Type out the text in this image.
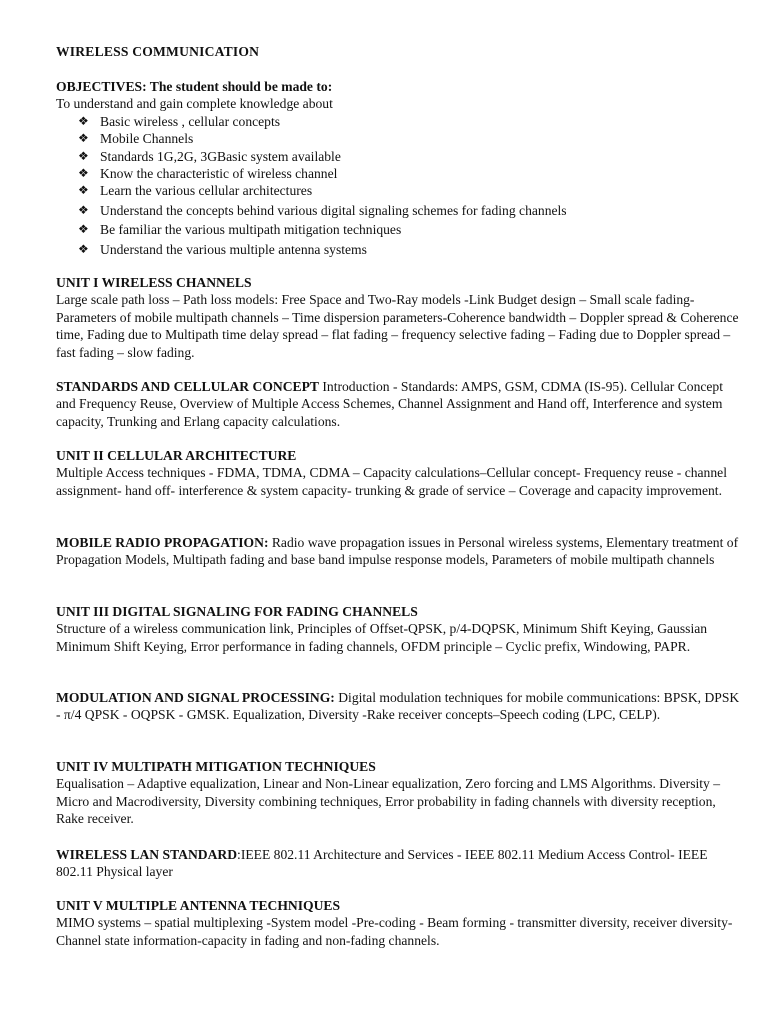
WIRELESS COMMUNICATION
OBJECTIVES: The student should be made to:
To understand and gain complete knowledge about
❖ Basic wireless , cellular concepts
❖ Mobile Channels
❖ Standards 1G,2G, 3GBasic system available
❖ Know the characteristic of wireless channel
❖ Learn the various cellular architectures
❖ Understand the concepts behind various digital signaling schemes for fading channels
❖ Be familiar the various multipath mitigation techniques
❖ Understand the various multiple antenna systems
UNIT I WIRELESS CHANNELS
Large scale path loss – Path loss models: Free Space and Two-Ray models -Link Budget design – Small scale fading- Parameters of mobile multipath channels – Time dispersion parameters-Coherence bandwidth – Doppler spread & Coherence time, Fading due to Multipath time delay spread – flat fading – frequency selective fading – Fading due to Doppler spread – fast fading – slow fading.
STANDARDS AND CELLULAR CONCEPT Introduction - Standards: AMPS, GSM, CDMA (IS-95). Cellular Concept and Frequency Reuse, Overview of Multiple Access Schemes, Channel Assignment and Hand off, Interference and system capacity, Trunking and Erlang capacity calculations.
UNIT II CELLULAR ARCHITECTURE
Multiple Access techniques - FDMA, TDMA, CDMA – Capacity calculations–Cellular concept- Frequency reuse - channel assignment- hand off- interference & system capacity- trunking & grade of service – Coverage and capacity improvement.
MOBILE RADIO PROPAGATION: Radio wave propagation issues in Personal wireless systems, Elementary treatment of Propagation Models, Multipath fading and base band impulse response models, Parameters of mobile multipath channels
UNIT III DIGITAL SIGNALING FOR FADING CHANNELS
Structure of a wireless communication link, Principles of Offset-QPSK, p/4-DQPSK, Minimum Shift Keying, Gaussian Minimum Shift Keying, Error performance in fading channels, OFDM principle – Cyclic prefix, Windowing, PAPR.
MODULATION AND SIGNAL PROCESSING: Digital modulation techniques for mobile communications: BPSK, DPSK - π/4 QPSK - OQPSK - GMSK. Equalization, Diversity -Rake receiver concepts–Speech coding (LPC, CELP).
UNIT IV MULTIPATH MITIGATION TECHNIQUES
Equalisation – Adaptive equalization, Linear and Non-Linear equalization, Zero forcing and LMS Algorithms. Diversity – Micro and Macrodiversity, Diversity combining techniques, Error probability in fading channels with diversity reception, Rake receiver.
WIRELESS LAN STANDARD:IEEE 802.11 Architecture and Services - IEEE 802.11 Medium Access Control- IEEE 802.11 Physical layer
UNIT V MULTIPLE ANTENNA TECHNIQUES
MIMO systems – spatial multiplexing -System model -Pre-coding - Beam forming - transmitter diversity, receiver diversity- Channel state information-capacity in fading and non-fading channels.
